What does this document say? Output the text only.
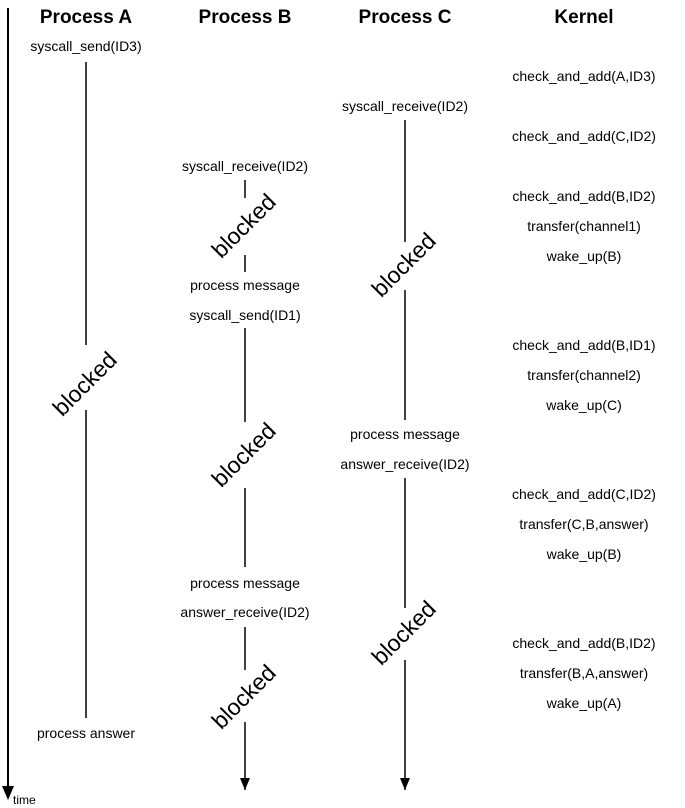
Process A	Process B	Process C	Kernel
time
syscall_send(ID3)
blocked
process answer
syscall_receive(ID2)
blocked
process message
syscall_send(ID1)
blocked
process message
answer_receive(ID2)
blocked
syscall_receive(ID2)
blocked
process message
answer_receive(ID2)
blocked
check_and_add(A,ID3)
check_and_add(C,ID2)
check_and_add(B,ID2)
transfer(channel1)
wake_up(B)
check_and_add(B,ID1)
transfer(channel2)
wake_up(C)
check_and_add(C,ID2)
transfer(C,B,answer)
wake_up(B)
check_and_add(B,ID2)
transfer(B,A,answer)
wake_up(A)
